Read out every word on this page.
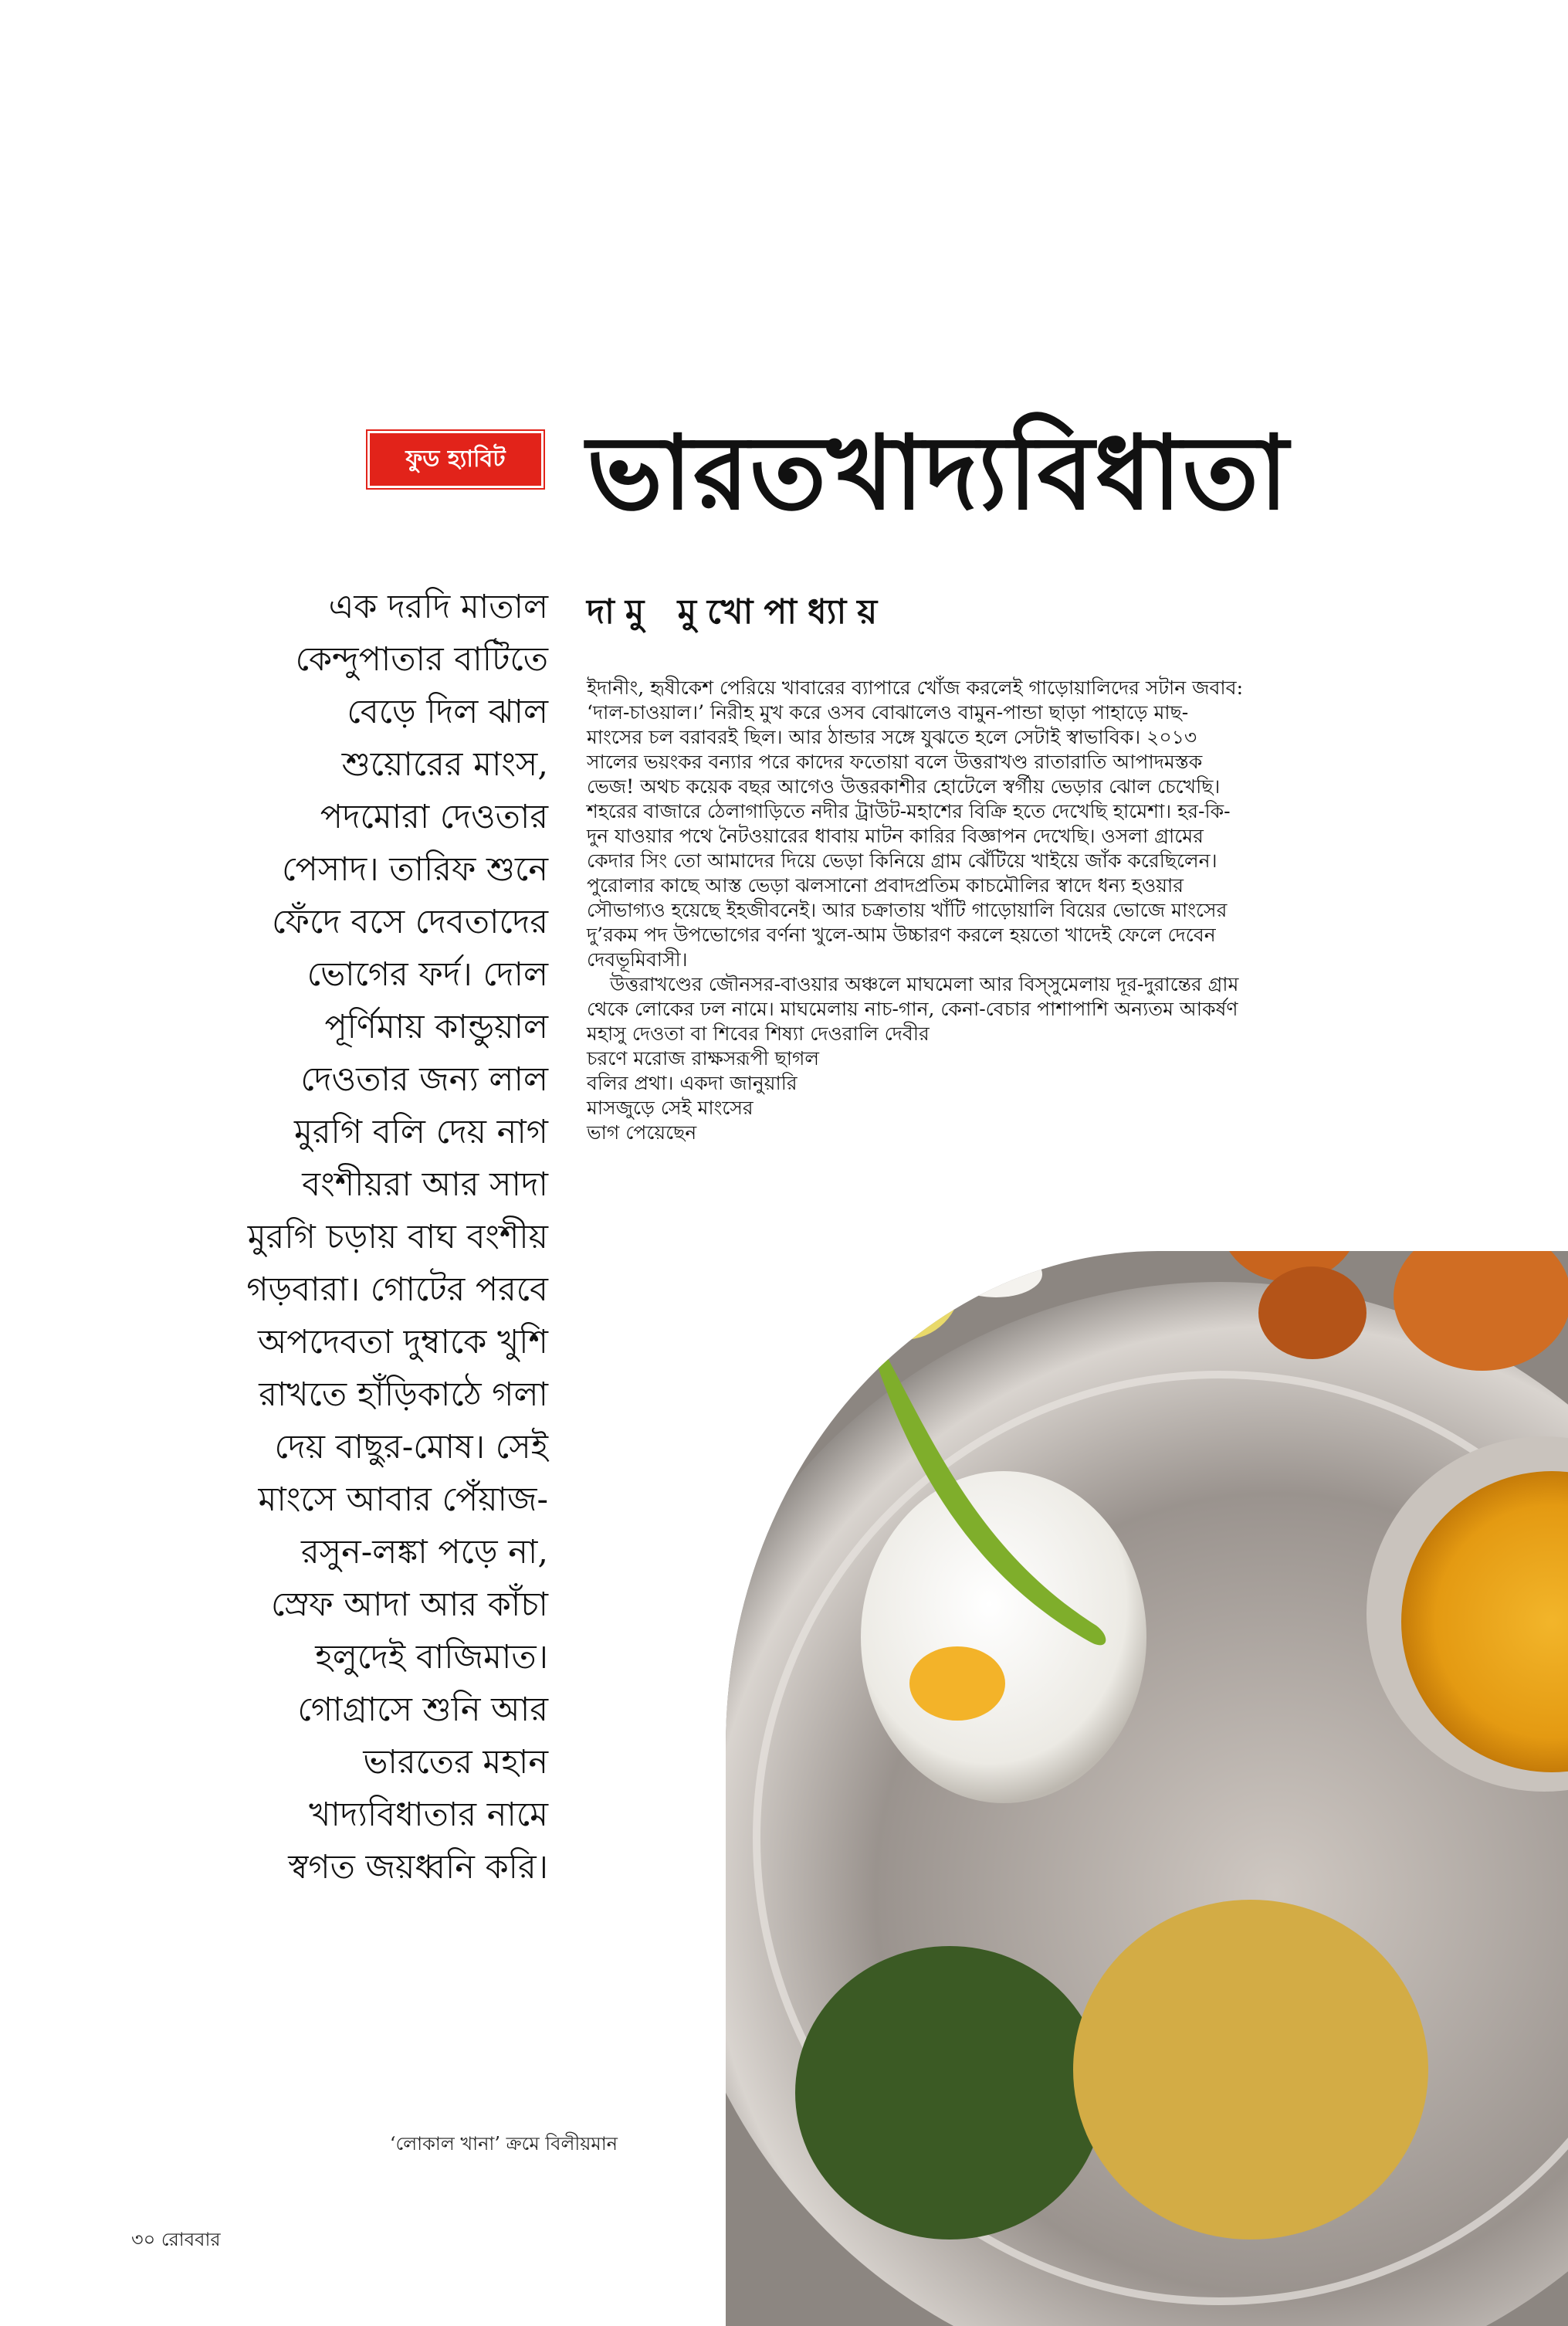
ফুড হ্যাবিট ভারতখাদ্যবিধাতা
এক দরদি মাতাল
কেন্দুপাতার বাটিতে
বেড়ে দিল ঝাল
শুয়োরের মাংস,
পদমোরা দেওতার
পেসাদ। তারিফ শুনে
ফেঁদে বসে দেবতাদের
ভোগের ফর্দ। দোল
পূর্ণিমায় কান্ডুয়াল
দেওতার জন্য লাল
মুরগি বলি দেয় নাগ
বংশীয়রা আর সাদা
মুরগি চড়ায় বাঘ বংশীয়
গড়বারা। গোটের পরবে
অপদেবতা দুম্বাকে খুশি
রাখতে হাঁড়িকাঠে গলা
দেয় বাছুর-মোষ। সেই
মাংসে আবার পেঁয়াজ-
রসুন-লঙ্কা পড়ে না,
স্রেফ আদা আর কাঁচা
হলুদেই বাজিমাত।
গোগ্রাসে শুনি আর
ভারতের মহান
খাদ্যবিধাতার নামে
স্বগত জয়ধ্বনি করি।
দামু মুখোপাধ্যায়
ইদানীং, হৃষীকেশ পেরিয়ে খাবারের ব্যাপারে খোঁজ করলেই গাড়োয়ালিদের সটান জবাব:
‘দাল-চাওয়াল।’ নিরীহ মুখ করে ওসব বোঝালেও বামুন-পান্ডা ছাড়া পাহাড়ে মাছ-
মাংসের চল বরাবরই ছিল। আর ঠান্ডার সঙ্গে যুঝতে হলে সেটাই স্বাভাবিক। ২০১৩
সালের ভয়ংকর বন্যার পরে কাদের ফতোয়া বলে উত্তরাখণ্ড রাতারাতি আপাদমস্তক
ভেজ! অথচ কয়েক বছর আগেও উত্তরকাশীর হোটেলে স্বর্গীয় ভেড়ার ঝোল চেখেছি।
শহরের বাজারে ঠেলাগাড়িতে নদীর ট্রাউট-মহাশের বিক্রি হতে দেখেছি হামেশা। হর-কি-
দুন যাওয়ার পথে নৈটওয়ারের ধাবায় মাটন কারির বিজ্ঞাপন দেখেছি। ওসলা গ্রামের
কেদার সিং তো আমাদের দিয়ে ভেড়া কিনিয়ে গ্রাম ঝেঁটিয়ে খাইয়ে জাঁক করেছিলেন।
পুরোলার কাছে আস্ত ভেড়া ঝলসানো প্রবাদপ্রতিম কাচমৌলির স্বাদে ধন্য হওয়ার
সৌভাগ্যও হয়েছে ইহজীবনেই। আর চক্রাতায় খাঁটি গাড়োয়ালি বিয়ের ভোজে মাংসের
দু’রকম পদ উপভোগের বর্ণনা খুলে-আম উচ্চারণ করলে হয়তো খাদেই ফেলে দেবেন
দেবভূমিবাসী।
উত্তরাখণ্ডের জৌনসর-বাওয়ার অঞ্চলে মাঘমেলা আর বিস্সুমেলায় দূর-দুরান্তের গ্রাম
থেকে লোকের ঢল নামে। মাঘমেলায় নাচ-গান, কেনা-বেচার পাশাপাশি অন্যতম আকর্ষণ
মহাসু দেওতা বা শিবের শিষ্যা দেওরালি দেবীর
চরণে মরোজ রাক্ষসরূপী ছাগল
বলির প্রথা। একদা জানুয়ারি
মাসজুড়ে সেই মাংসের
ভাগ পেয়েছেন
‘লোকাল খানা’ ক্রমে বিলীয়মান
৩০ রোববার
